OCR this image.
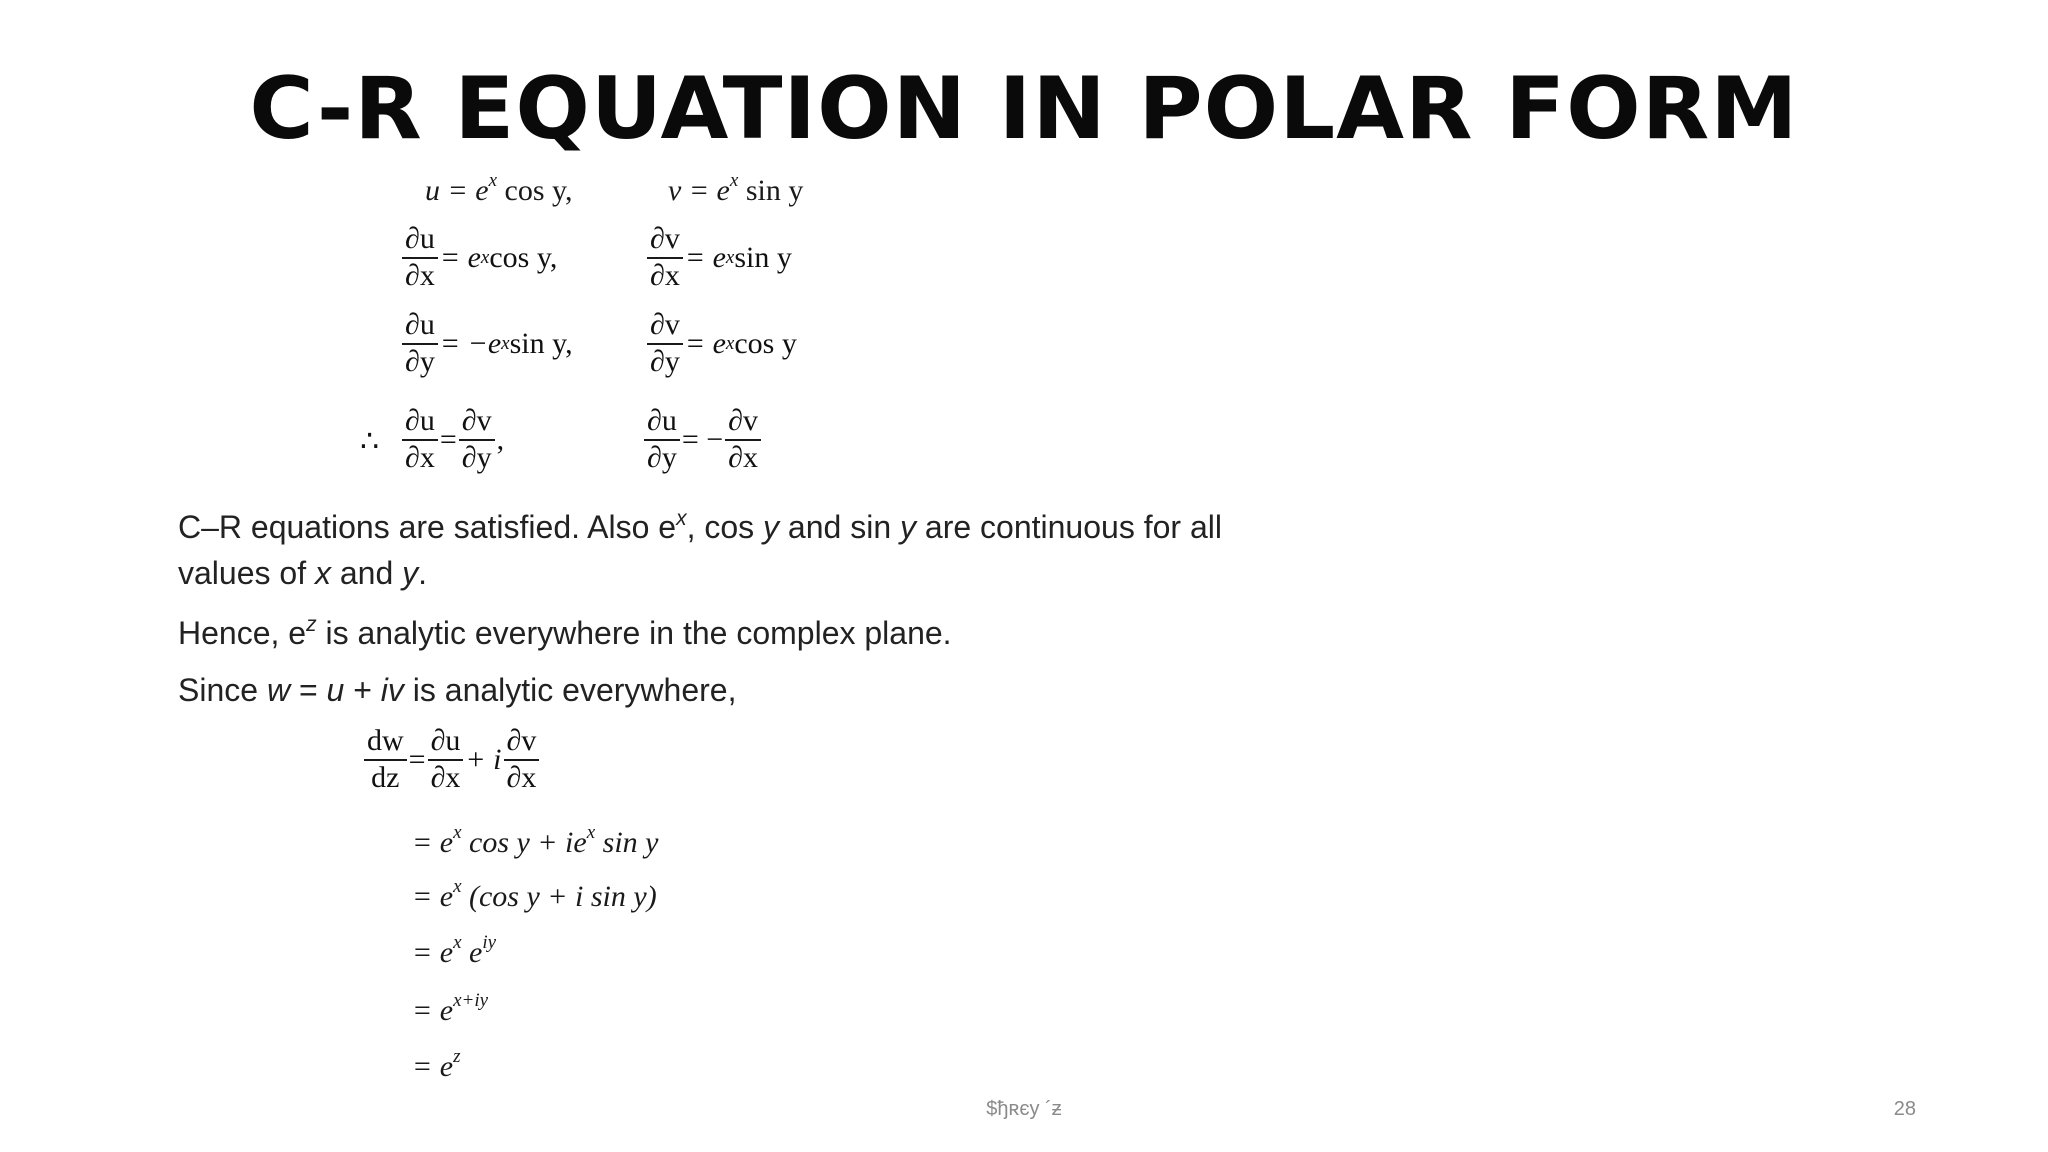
C-R EQUATION IN POLAR FORM
$u = e^x$ cos y,	$v = e^x$ sin y
$\frac{\partial u}{\partial x} = e$ x cos y,	$\frac{\partial v}{\partial x} = e$ x sin y
$\frac{\partial u}{\partial y} = -e$ x sin y, $\frac{\partial v}{\partial y} = e$ x cos y
∴ $\frac{\partial u}{\partial x} = \frac{\partial v}{\partial y}$ ,	$\frac{\partial u}{\partial y}$ = − $\frac{\partial v}{\partial x}$
C–R equations are satisfied. Also $e^x$, cos y and sin y are continuous for all
values of x and y.
Hence, $e^z$ is analytic everywhere in the complex plane.
Since w = u + iv is analytic everywhere,
$\frac{dw}{dz} = \frac{\partial u}{\partial x} + i \frac{\partial v}{\partial x}$
= $e^x$ $\cos y + ie^x$ sin y
= $e^x$ (cos y + i sin y)
= $e^x$ $e^{iy}$
= $e^{x+iy}$
= $e^z$
$ђʀєy ´ƶ	28
